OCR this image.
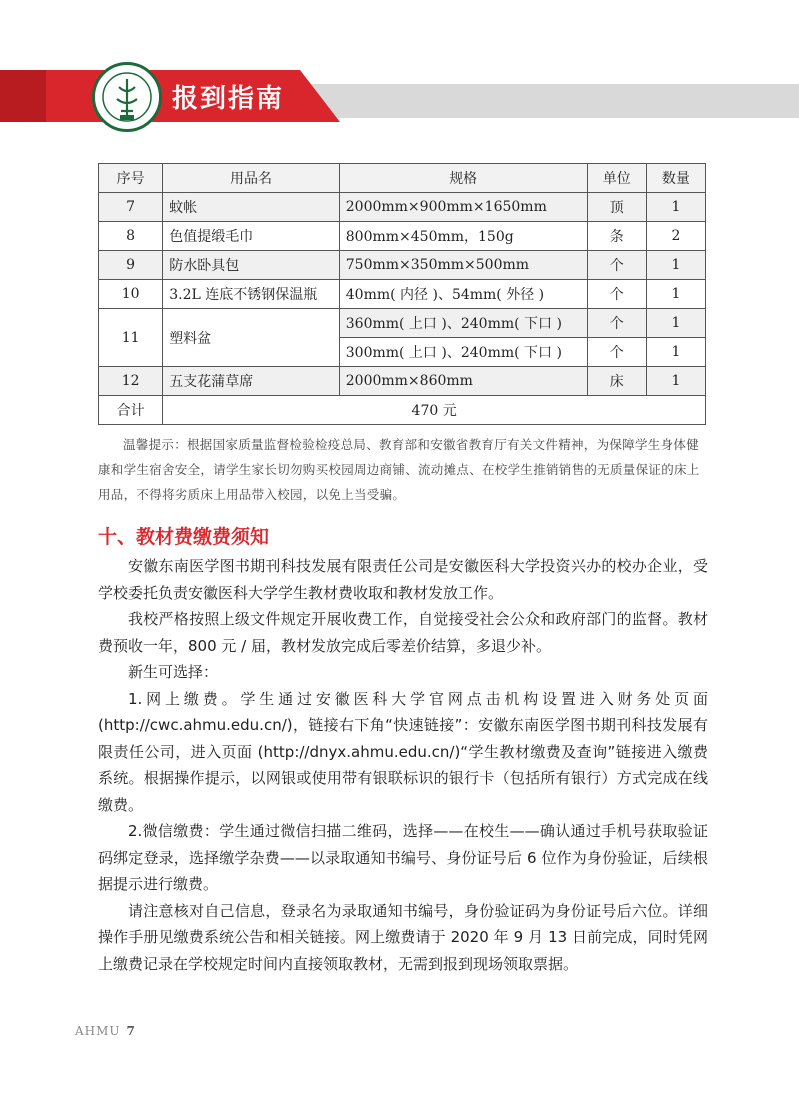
报到指南
序号	用品名	规格	单位	数量
7	蚊帐	2000mm×900mm×1650mm	顶	1
8	色值提缎毛巾	800mm×450mm，150g	条	2
9	防水卧具包	750mm×350mm×500mm	个	1
10	3.2L 连底不锈钢保温瓶	40mm( 内径 )、54mm( 外径 )	个	1
11	塑料盆	360mm( 上口 )、240mm( 下口 )	个	1
		300mm( 上口 )、240mm( 下口 )	个	1
12	五支花蒲草席	2000mm×860mm	床	1
合计	470 元			
温馨提示：根据国家质量监督检验检疫总局、教育部和安徽省教育厅有关文件精神，为保障学生身体健康和学生宿舍安全，请学生家长切勿购买校园周边商铺、流动摊点、在校学生推销销售的无质量保证的床上用品，不得将劣质床上用品带入校园，以免上当受骗。
十、教材费缴费须知

安徽东南医学图书期刊科技发展有限责任公司是安徽医科大学投资兴办的校办企业，受学校委托负责安徽医科大学学生教材费收取和教材发放工作。

我校严格按照上级文件规定开展收费工作，自觉接受社会公众和政府部门的监督。教材费预收一年，800 元 / 届，教材发放完成后零差价结算，多退少补。

新生可选择：

1.网上缴费。学生通过安徽医科大学官网点击机构设置进入财务处页面 (http://cwc.ahmu.edu.cn/)，链接右下角“快速链接”：安徽东南医学图书期刊科技发展有限责任公司，进入页面 (http://dnyx.ahmu.edu.cn/)“学生教材缴费及查询”链接进入缴费系统。根据操作提示，以网银或使用带有银联标识的银行卡（包括所有银行）方式完成在线缴费。

2.微信缴费：学生通过微信扫描二维码，选择——在校生——确认通过手机号获取验证码绑定登录，选择缴学杂费——以录取通知书编号、身份证号后 6 位作为身份验证，后续根据提示进行缴费。

请注意核对自己信息，登录名为录取通知书编号，身份验证码为身份证号后六位。详细操作手册见缴费系统公告和相关链接。网上缴费请于 2020 年 9 月 13 日前完成，同时凭网上缴费记录在学校规定时间内直接领取教材，无需到报到现场领取票据。

AHMU 7
